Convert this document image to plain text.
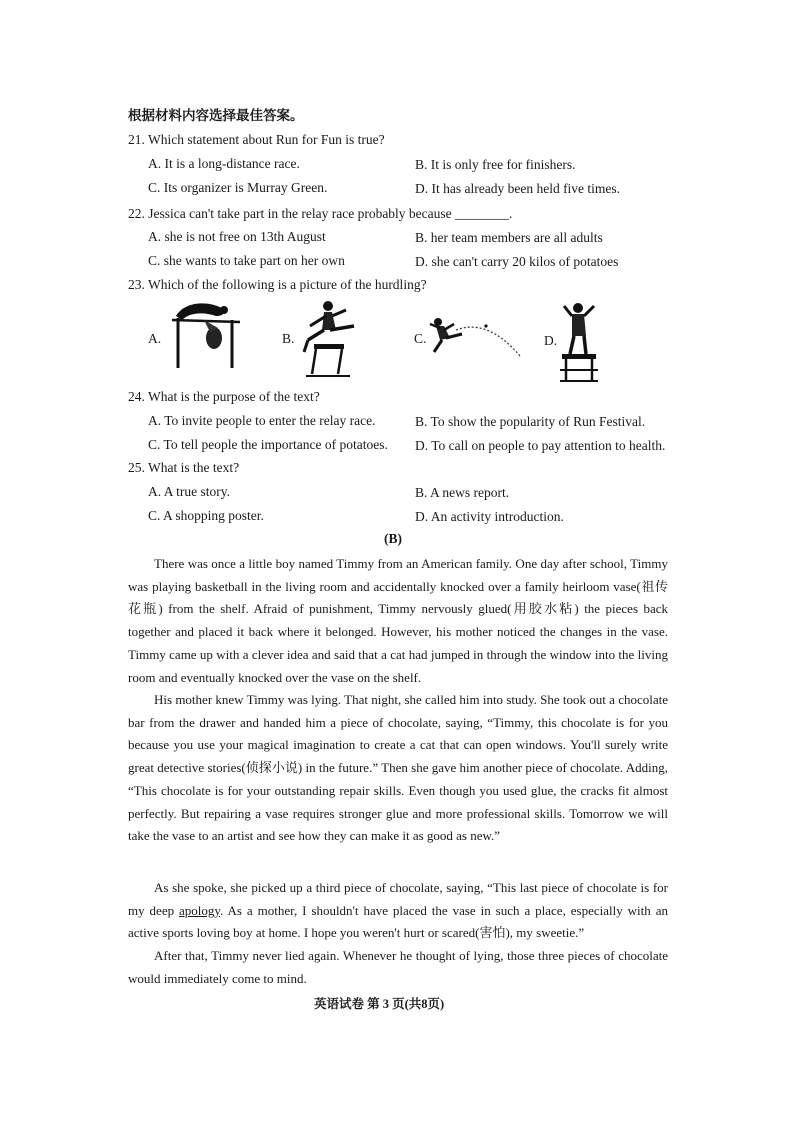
根据材料内容选择最佳答案。
21. Which statement about Run for Fun is true?
A. It is a long-distance race.	B. It is only free for finishers.
C. Its organizer is Murray Green.	D. It has already been held five times.
22. Jessica can't take part in the relay race probably because ________.
A. she is not free on 13th August	B. her team members are all adults
C. she wants to take part on her own	D. she can't carry 20 kilos of potatoes
23. Which of the following is a picture of the hurdling?
A.	B.	C.	D.
24. What is the purpose of the text?
A. To invite people to enter the relay race.	B. To show the popularity of Run Festival.
C. To tell people the importance of potatoes. D. To call on people to pay attention to health.
25. What is the text?
A. A true story.	B. A news report.
C. A shopping poster.	D. An activity introduction.
(B)
There was once a little boy named Timmy from an American family. One day after school, Timmy was playing basketball in the living room and accidentally knocked over a family heirloom vase(祖传花瓶) from the shelf. Afraid of punishment, Timmy nervously glued(用胶水粘) the pieces back together and placed it back where it belonged. However, his mother noticed the changes in the vase. Timmy came up with a clever idea and said that a cat had jumped in through the window into the living room and eventually knocked over the vase on the shelf.
His mother knew Timmy was lying. That night, she called him into study. She took out a chocolate bar from the drawer and handed him a piece of chocolate, saying, “Timmy, this chocolate is for you because you use your magical imagination to create a cat that can open windows. You'll surely write great detective stories(侦探小说) in the future.” Then she gave him another piece of chocolate. Adding, “This chocolate is for your outstanding repair skills. Even though you used glue, the cracks fit almost perfectly. But repairing a vase requires stronger glue and more professional skills. Tomorrow we will take the vase to an artist and see how they can make it as good as new.”
As she spoke, she picked up a third piece of chocolate, saying, “This last piece of chocolate is for my deep apology. As a mother, I shouldn't have placed the vase in such a place, especially with an active sports loving boy at home. I hope you weren't hurt or scared(害怕), my sweetie.”
After that, Timmy never lied again. Whenever he thought of lying, those three pieces of chocolate would immediately come to mind.
英语试卷 第 3 页(共8页)
